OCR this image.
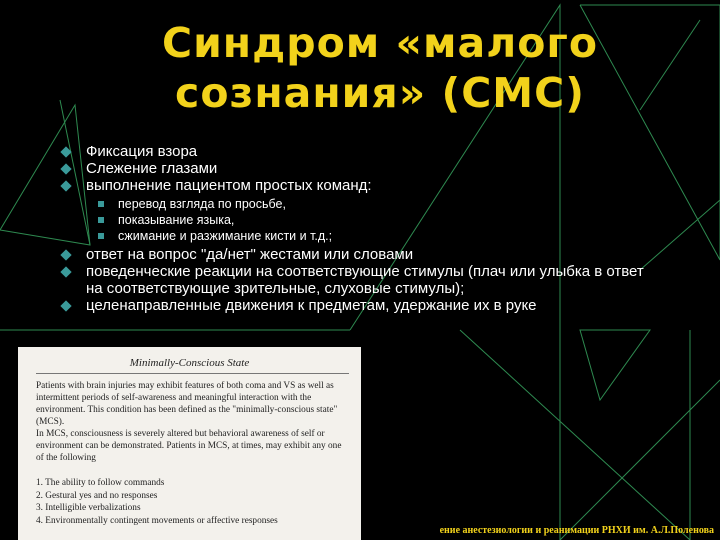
Синдром «малого
сознания» (СМС)
Фиксация взора
Слежение глазами
выполнение пациентом простых команд:
перевод взгляда по просьбе,
показывание языка,
сжимание и разжимание кисти и т.д.;
ответ на вопрос "да/нет" жестами или словами
поведенческие реакции на соответствующие стимулы (плач или улыбка в ответ на соответствующие зрительные, слуховые стимулы);
целенаправленные движения к предметам, удержание их в руке
Minimally-Conscious State

Patients with brain injuries may exhibit features of both coma and VS as well as intermittent periods of self-awareness and meaningful interaction with the environment. This condition has been defined as the "minimally-conscious state" (MCS).

In MCS, consciousness is severely altered but behavioral awareness of self or environment can be demonstrated. Patients in MCS, at times, may exhibit any one of the following

1. The ability to follow commands
2. Gestural yes and no responses
3. Intelligible verbalizations
4. Environmentally contingent movements or affective responses
ение анестезиологии и реанимации РНХИ им. А.Л.Поленова
